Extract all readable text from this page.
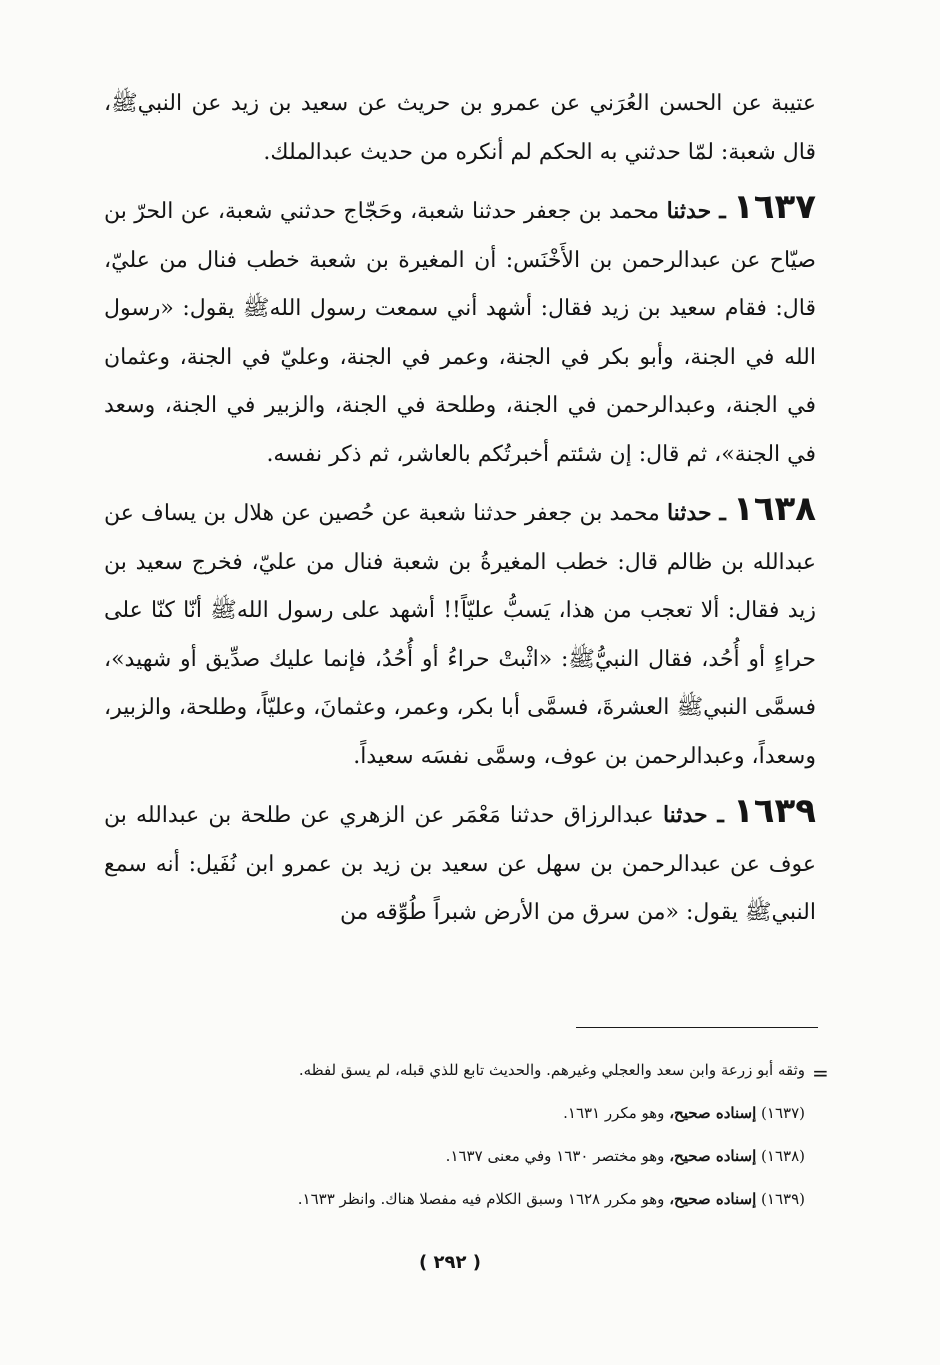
عتيبة عن الحسن العُرَني عن عمرو بن حريث عن سعيد بن زيد عن النبيﷺ، قال شعبة: لمّا حدثني به الحكم لم أنكره من حديث عبدالملك.

١٦٣٧ ـ حدثنا محمد بن جعفر حدثنا شعبة، وحَجّاج حدثني شعبة، عن الحرّ بن صيّاح عن عبدالرحمن بن الأَخْنَس: أن المغيرة بن شعبة خطب فنال من عليّ، قال: فقام سعيد بن زيد فقال: أشهد أني سمعت رسول اللهﷺ يقول: «رسول الله في الجنة، وأبو بكر في الجنة، وعمر في الجنة، وعليّ في الجنة، وعثمان في الجنة، وعبدالرحمن في الجنة، وطلحة في الجنة، والزبير في الجنة، وسعد في الجنة»، ثم قال: إن شئتم أخبرتُكم بالعاشر، ثم ذكر نفسه.

١٦٣٨ ـ حدثنا محمد بن جعفر حدثنا شعبة عن حُصين عن هلال بن يساف عن عبدالله بن ظالم قال: خطب المغيرةُ بن شعبة فنال من عليّ، فخرج سعيد بن زيد فقال: ألا تعجب من هذا، يَسبُّ عليّاً!! أشهد على رسول اللهﷺ أنّا كنّا على حراءٍ أو أُحُد، فقال النبيُّﷺ: «اثْبتْ حراءُ أو أُحُدُ، فإنما عليك صدِّيق أو شهيد»، فسمَّى النبيﷺ العشرةَ، فسمَّى أبا بكر، وعمر، وعثمانَ، وعليّاً، وطلحة، والزبير، وسعداً، وعبدالرحمن بن عوف، وسمَّى نفسَه سعيداً.

١٦٣٩ ـ حدثنا عبدالرزاق حدثنا مَعْمَر عن الزهري عن طلحة بن عبدالله بن عوف عن عبدالرحمن بن سهل عن سعيد بن زيد بن عمرو ابن نُفَيل: أنه سمع النبيﷺ يقول: «من سرق من الأرض شبراً طُوِّقه من

=

وثقه أبو زرعة وابن سعد والعجلي وغيرهم. والحديث تابع للذي قبله، لم يسق لفظه.

(١٦٣٧) إسناده صحيح، وهو مكرر ١٦٣١.

(١٦٣٨) إسناده صحيح، وهو مختصر ١٦٣٠ وفي معنى ١٦٣٧.

(١٦٣٩) إسناده صحيح، وهو مكرر ١٦٢٨ وسبق الكلام فيه مفصلا هناك. وانظر ١٦٣٣.

( ٢٩٢ )
